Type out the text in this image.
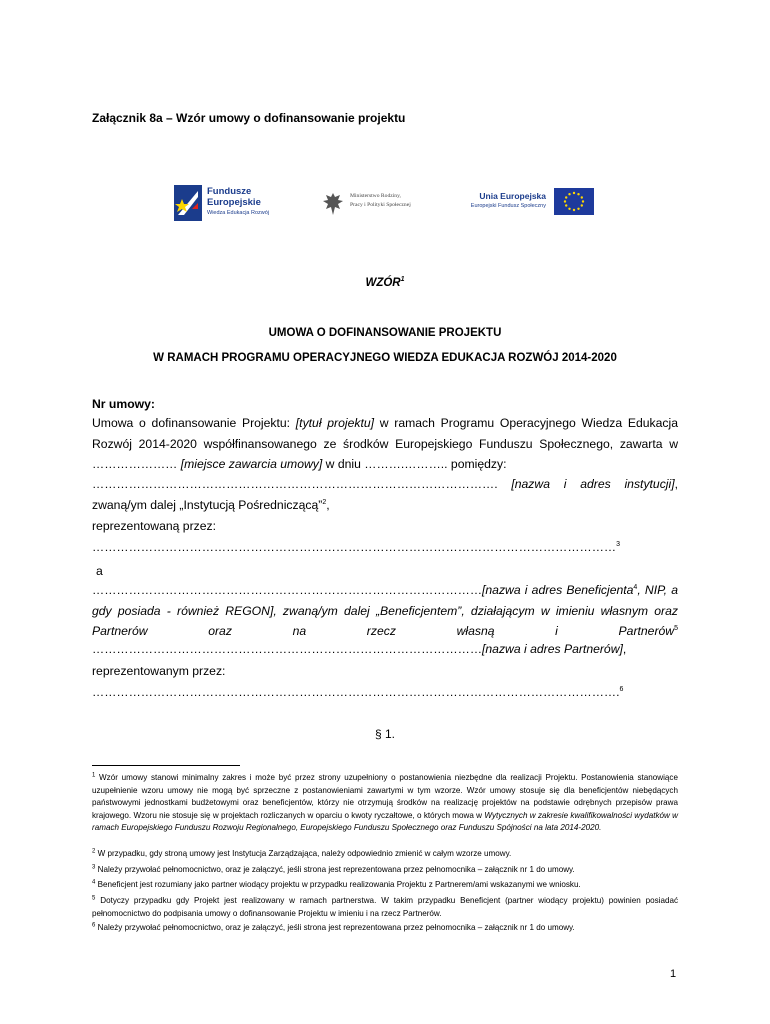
Załącznik 8a – Wzór umowy o dofinansowanie projektu
Fundusze
Europejskie
Wiedza Edukacja Rozwój
Ministerstwo Rodziny,
Pracy i Polityki Społecznej
Unia Europejska
Europejski Fundusz Społeczny
WZÓR$^1$
UMOWA O DOFINANSOWANIE PROJEKTU
W RAMACH PROGRAMU OPERACYJNEGO WIEDZA EDUKACJA ROZWÓJ 2014-2020
Nr umowy:
Umowa o dofinansowanie Projektu: [tytuł projektu] w ramach Programu Operacyjnego Wiedza Edukacja Rozwój 2014-2020 współfinansowanego ze środków Europejskiego Funduszu Społecznego, zawarta w ………………… [miejsce zawarcia umowy] w dniu ……….……….. pomiędzy:
………………………………………………………………………………………. [nazwa i adres instytucji], zwaną/ym dalej „Instytucją Pośredniczącą”$^2$,
reprezentowaną przez:
…………………………………………………………………………………………………………………$^3$
a
……………………………………………………………………………………[nazwa i adres Beneficjenta$^4$, NIP, a gdy posiada - również REGON], zwaną/ym dalej „Beneficjentem”, działającym w imieniu własnym oraz Partnerów oraz na rzecz własną i Partnerów$^5$
……………………………………………………………………………………[nazwa i adres Partnerów],
reprezentowanym przez:
………………………………………………………………………………………………………………….$^6$
§ 1.
$^1$ Wzór umowy stanowi minimalny zakres i może być przez strony uzupełniony o postanowienia niezbędne dla realizacji Projektu. Postanowienia stanowiące uzupełnienie wzoru umowy nie mogą być sprzeczne z postanowieniami zawartymi w tym wzorze. Wzór umowy stosuje się dla beneficjentów niebędących państwowymi jednostkami budżetowymi oraz beneficjentów, którzy nie otrzymują środków na realizację projektów na podstawie odrębnych przepisów prawa krajowego. Wzoru nie stosuje się w projektach rozliczanych w oparciu o kwoty ryczałtowe, o których mowa w Wytycznych w zakresie kwalifikowalności wydatków w ramach Europejskiego Funduszu Rozwoju Regionalnego, Europejskiego Funduszu Społecznego oraz Funduszu Spójności na lata 2014-2020.
$^2$ W przypadku, gdy stroną umowy jest Instytucja Zarządzająca, należy odpowiednio zmienić w całym wzorze umowy.
$^3$ Należy przywołać pełnomocnictwo, oraz je załączyć, jeśli strona jest reprezentowana przez pełnomocnika – załącznik nr 1 do umowy.
$^4$ Beneficjent jest rozumiany jako partner wiodący projektu w przypadku realizowania Projektu z Partnerem/ami wskazanymi we wniosku.
$^5$ Dotyczy przypadku gdy Projekt jest realizowany w ramach partnerstwa. W takim przypadku Beneficjent (partner wiodący projektu) powinien posiadać pełnomocnictwo do podpisania umowy o dofinansowanie Projektu w imieniu i na rzecz Partnerów.
$^6$ Należy przywołać pełnomocnictwo, oraz je załączyć, jeśli strona jest reprezentowana przez pełnomocnika – załącznik nr 1 do umowy.
1
